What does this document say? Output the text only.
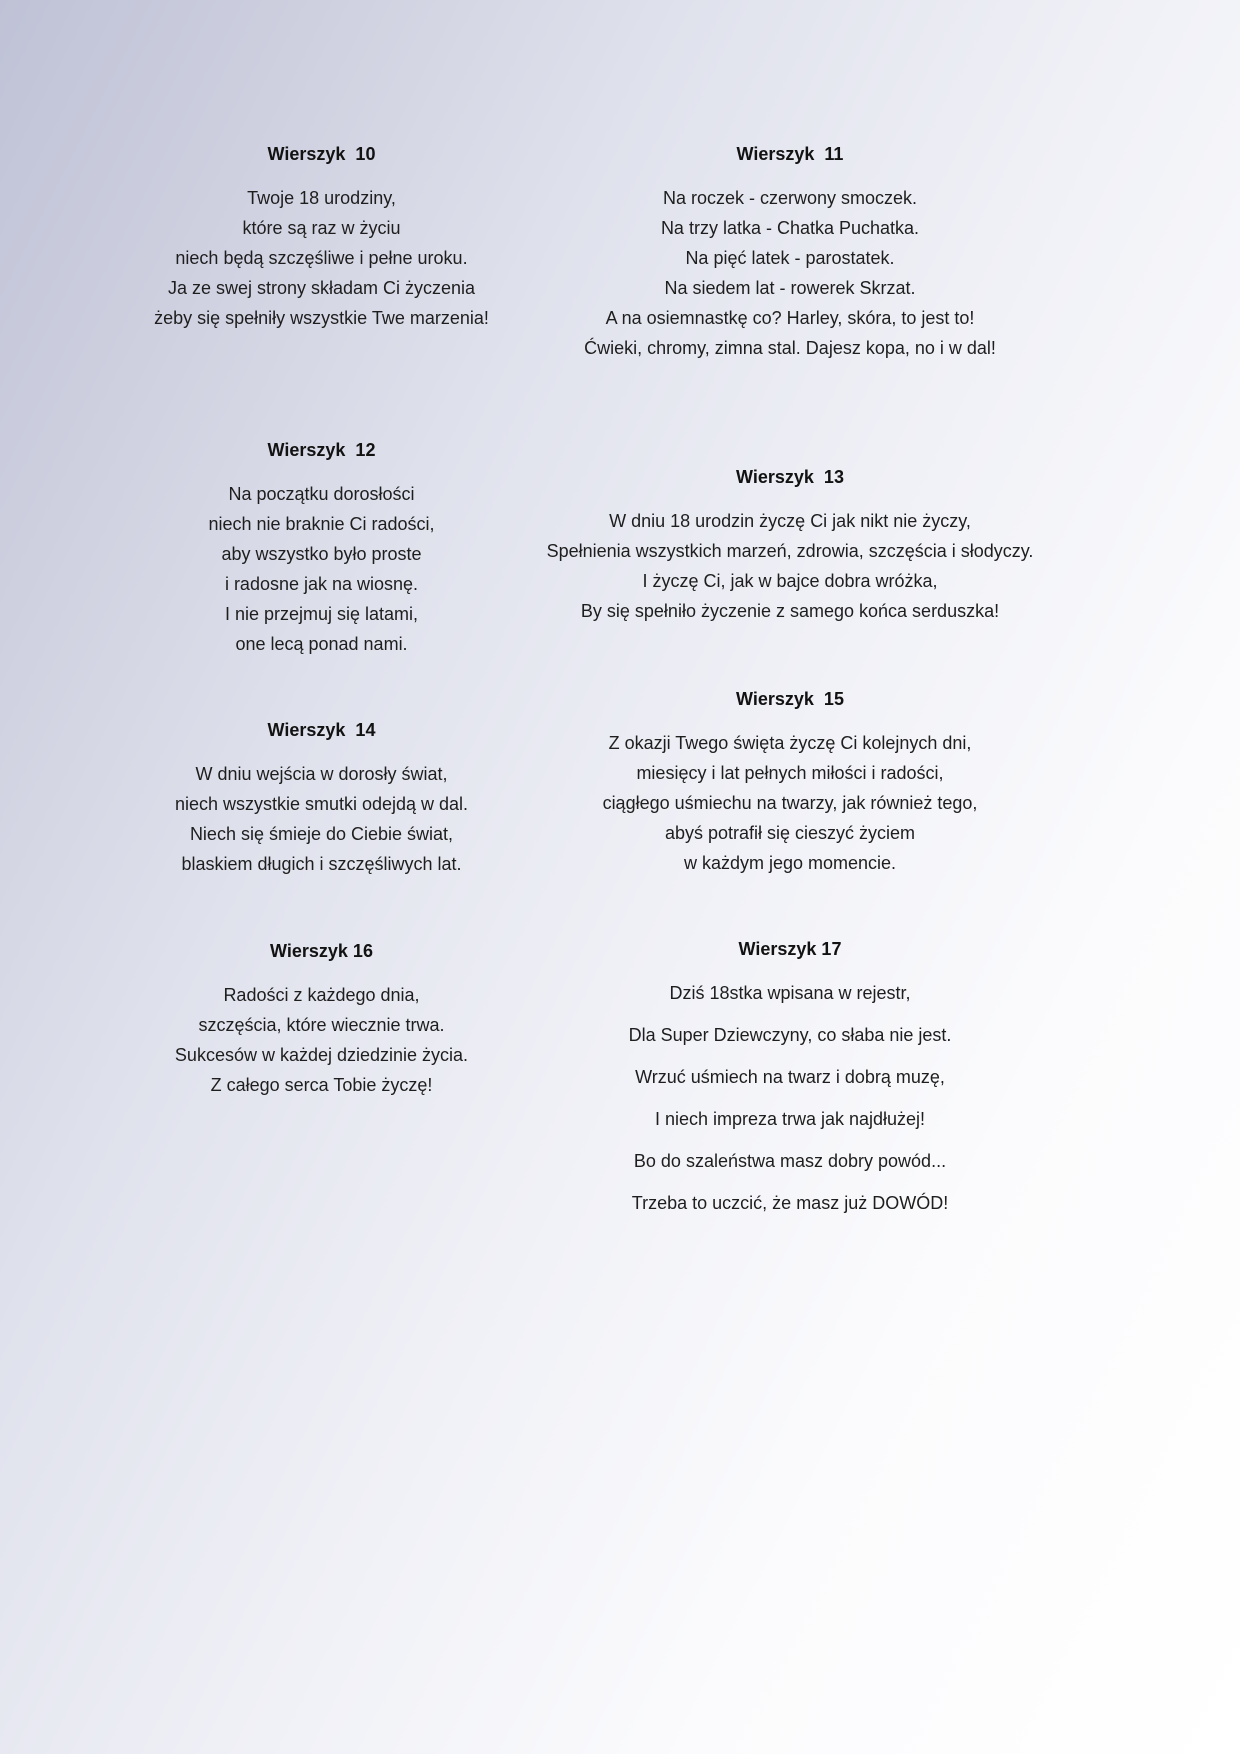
Wierszyk  10
Twoje 18 urodziny,
które są raz w życiu
niech będą szczęśliwe i pełne uroku.
Ja ze swej strony składam Ci życzenia
żeby się spełniły wszystkie Twe marzenia!
Wierszyk  11
Na roczek - czerwony smoczek.
Na trzy latka - Chatka Puchatka.
Na pięć latek - parostatek.
Na siedem lat - rowerek Skrzat.
A na osiemnastkę co? Harley, skóra, to jest to!
Ćwieki, chromy, zimna stal. Dajesz kopa, no i w dal!
Wierszyk  12
Na początku dorosłości
niech nie braknie Ci radości,
aby wszystko było proste
i radosne jak na wiosnę.
I nie przejmuj się latami,
one lecą ponad nami.
Wierszyk  13
W dniu 18 urodzin życzę Ci jak nikt nie życzy,
Spełnienia wszystkich marzeń, zdrowia, szczęścia i słodyczy.
I życzę Ci, jak w bajce dobra wróżka,
By się spełniło życzenie z samego końca serduszka!
Wierszyk  14
W dniu wejścia w dorosły świat,
niech wszystkie smutki odejdą w dal.
Niech się śmieje do Ciebie świat,
blaskiem długich i szczęśliwych lat.
Wierszyk  15
Z okazji Twego święta życzę Ci kolejnych dni,
miesięcy i lat pełnych miłości i radości,
ciągłego uśmiechu na twarzy, jak również tego,
abyś potrafił się cieszyć życiem
w każdym jego momencie.
Wierszyk 16
Radości z każdego dnia,
szczęścia, które wiecznie trwa.
Sukcesów w każdej dziedzinie życia.
Z całego serca Tobie życzę!
Wierszyk 17
Dziś 18stka wpisana w rejestr,
Dla Super Dziewczyny, co słaba nie jest.
Wrzuć uśmiech na twarz i dobrą muzę,
I niech impreza trwa jak najdłużej!
Bo do szaleństwa masz dobry powód...
Trzeba to uczcić, że masz już DOWÓD!
